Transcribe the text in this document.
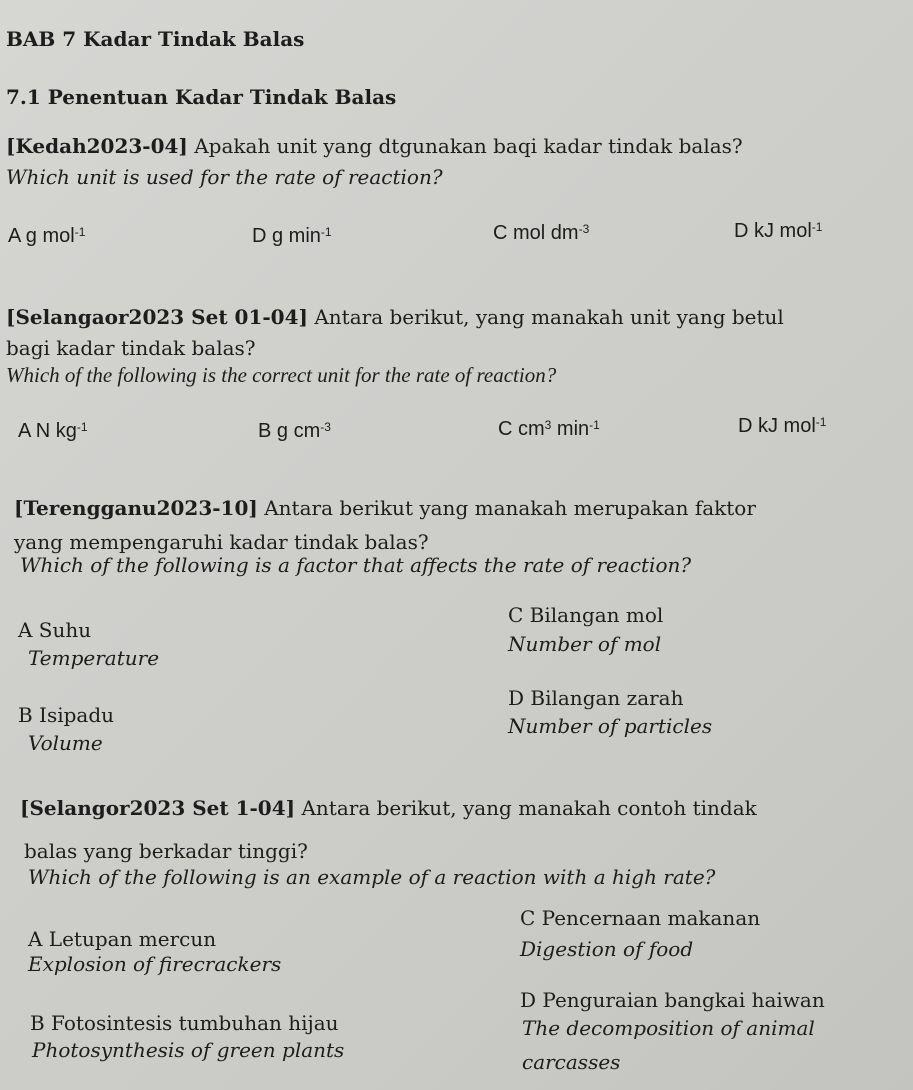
BAB 7 Kadar Tindak Balas
7.1 Penentuan Kadar Tindak Balas
[Kedah2023-04] Apakah unit yang dtgunakan baqi kadar tindak balas?
Which unit is used for the rate of reaction?
A g mol$^{-1}$	D g $\min^{-1}$	C mol $dm^{-3}$	D kJ mol$^{-1}$
[Selangaor2023 Set 01-04] Antara berikut, yang manakah unit yang betul
bagi kadar tindak balas?
Which of the following is the correct unit for the rate of reaction?
A N $kg^{-1}$	B g $cm^{-3}$	C $cm^3$ $\min^{-1}$	D kJ mol$^{-1}$
[Terengganu2023-10] Antara berikut yang manakah merupakan faktor
yang mempengaruhi kadar tindak balas?
Which of the following is a factor that affects the rate of reaction?
A Suhu
Temperature
C Bilangan mol
Number of mol
B Isipadu
Volume
D Bilangan zarah
Number of particles
[Selangor2023 Set 1-04] Antara berikut, yang manakah contoh tindak
balas yang berkadar tinggi?
Which of the following is an example of a reaction with a high rate?
A Letupan mercun
Explosion of firecrackers
C Pencernaan makanan
Digestion of food
B Fotosintesis tumbuhan hijau
Photosynthesis of green plants
D Penguraian bangkai haiwan
The decomposition of animal
carcasses
